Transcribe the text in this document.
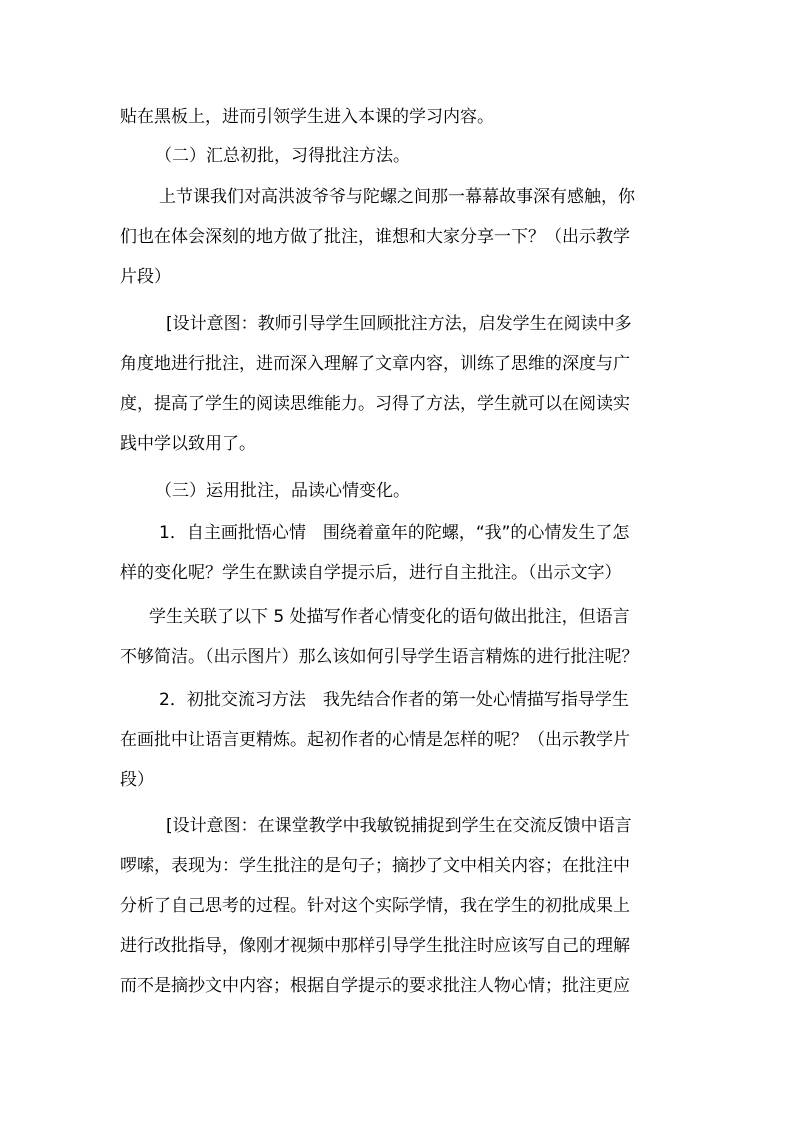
贴在黑板上，进而引领学生进入本课的学习内容。
（二）汇总初批，习得批注方法。
上节课我们对高洪波爷爷与陀螺之间那一幕幕故事深有感触，你
们也在体会深刻的地方做了批注，谁想和大家分享一下？（出示教学
片段）
[设计意图：教师引导学生回顾批注方法，启发学生在阅读中多
角度地进行批注，进而深入理解了文章内容，训练了思维的深度与广
度，提高了学生的阅读思维能力。习得了方法，学生就可以在阅读实
践中学以致用了。
（三）运用批注，品读心情变化。
1．自主画批悟心情　围绕着童年的陀螺，“我”的心情发生了怎
样的变化呢？学生在默读自学提示后，进行自主批注。（出示文字）
学生关联了以下 5 处描写作者心情变化的语句做出批注，但语言
不够简洁。（出示图片）那么该如何引导学生语言精炼的进行批注呢？
2．初批交流习方法　我先结合作者的第一处心情描写指导学生
在画批中让语言更精炼。起初作者的心情是怎样的呢？（出示教学片
段）
[设计意图：在课堂教学中我敏锐捕捉到学生在交流反馈中语言
啰嗦，表现为：学生批注的是句子；摘抄了文中相关内容；在批注中
分析了自己思考的过程。针对这个实际学情，我在学生的初批成果上
进行改批指导，像刚才视频中那样引导学生批注时应该写自己的理解
而不是摘抄文中内容；根据自学提示的要求批注人物心情；批注更应
